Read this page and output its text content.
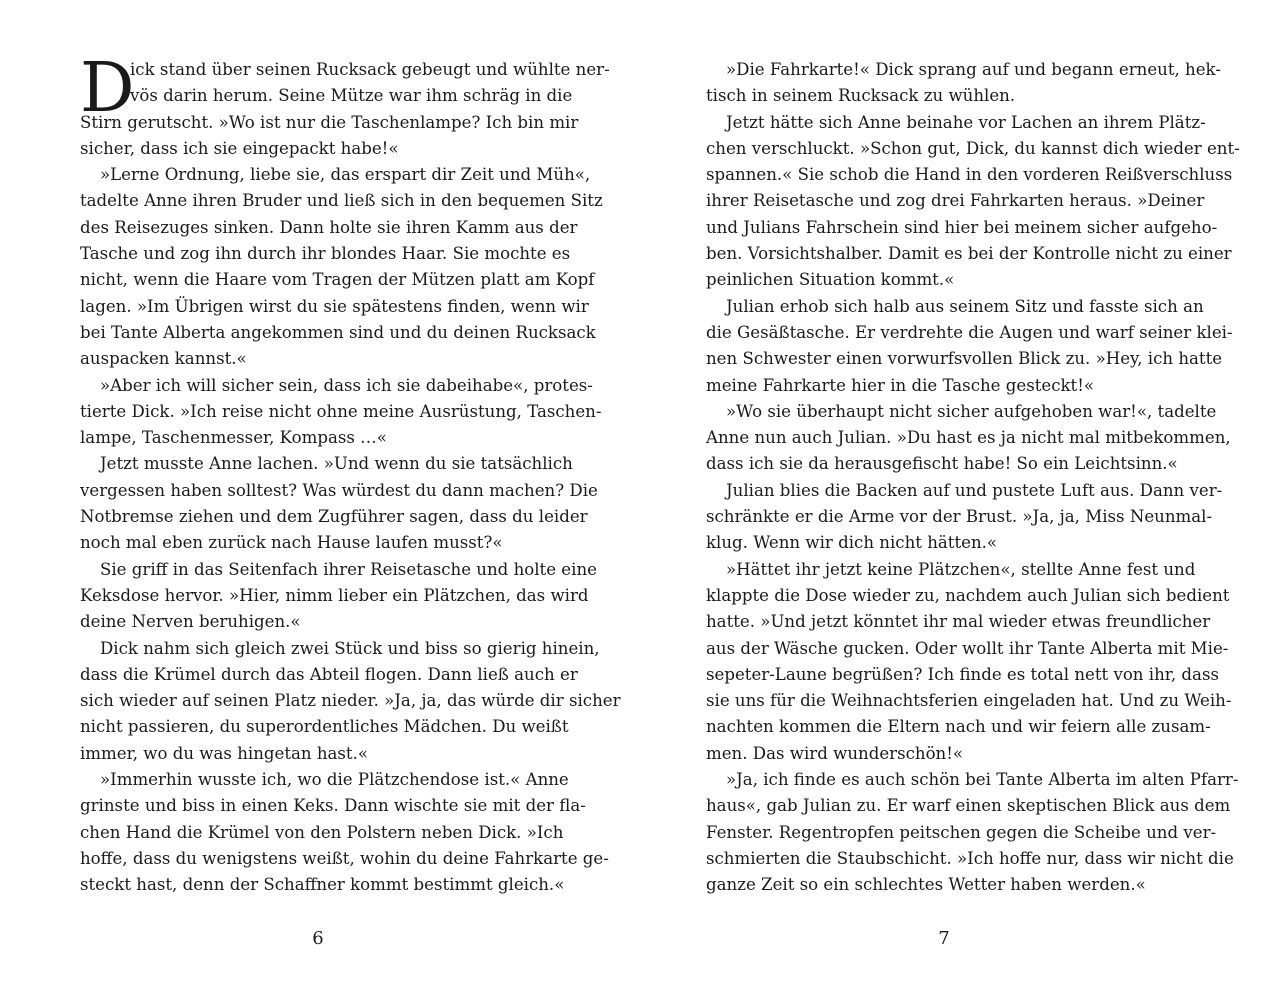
D
ick stand über seinen Rucksack gebeugt und wühlte ner-
vös darin herum. Seine Mütze war ihm schräg in die
Stirn gerutscht. »Wo ist nur die Taschenlampe? Ich bin mir
sicher, dass ich sie eingepackt habe!«
»Lerne Ordnung, liebe sie, das erspart dir Zeit und Müh«,
tadelte Anne ihren Bruder und ließ sich in den bequemen Sitz
des Reisezuges sinken. Dann holte sie ihren Kamm aus der
Tasche und zog ihn durch ihr blondes Haar. Sie mochte es
nicht, wenn die Haare vom Tragen der Mützen platt am Kopf
lagen. »Im Übrigen wirst du sie spätestens finden, wenn wir
bei Tante Alberta angekommen sind und du deinen Rucksack
auspacken kannst.«
»Aber ich will sicher sein, dass ich sie dabeihabe«, protes-
tierte Dick. »Ich reise nicht ohne meine Ausrüstung, Taschen-
lampe, Taschenmesser, Kompass …«
Jetzt musste Anne lachen. »Und wenn du sie tatsächlich
vergessen haben solltest? Was würdest du dann machen? Die
Notbremse ziehen und dem Zugführer sagen, dass du leider
noch mal eben zurück nach Hause laufen musst?«
Sie griff in das Seitenfach ihrer Reisetasche und holte eine
Keksdose hervor. »Hier, nimm lieber ein Plätzchen, das wird
deine Nerven beruhigen.«
Dick nahm sich gleich zwei Stück und biss so gierig hinein,
dass die Krümel durch das Abteil flogen. Dann ließ auch er
sich wieder auf seinen Platz nieder. »Ja, ja, das würde dir sicher
nicht passieren, du superordentliches Mädchen. Du weißt
immer, wo du was hingetan hast.«
»Immerhin wusste ich, wo die Plätzchendose ist.« Anne
grinste und biss in einen Keks. Dann wischte sie mit der fla-
chen Hand die Krümel von den Polstern neben Dick. »Ich
hoffe, dass du wenigstens weißt, wohin du deine Fahrkarte ge-
steckt hast, denn der Schaffner kommt bestimmt gleich.«
6
»Die Fahrkarte!« Dick sprang auf und begann erneut, hek-
tisch in seinem Rucksack zu wühlen.
Jetzt hätte sich Anne beinahe vor Lachen an ihrem Plätz-
chen verschluckt. »Schon gut, Dick, du kannst dich wieder ent-
spannen.« Sie schob die Hand in den vorderen Reißverschluss
ihrer Reisetasche und zog drei Fahrkarten heraus. »Deiner
und Julians Fahrschein sind hier bei meinem sicher aufgeho-
ben. Vorsichtshalber. Damit es bei der Kontrolle nicht zu einer
peinlichen Situation kommt.«
Julian erhob sich halb aus seinem Sitz und fasste sich an
die Gesäßtasche. Er verdrehte die Augen und warf seiner klei-
nen Schwester einen vorwurfsvollen Blick zu. »Hey, ich hatte
meine Fahrkarte hier in die Tasche gesteckt!«
»Wo sie überhaupt nicht sicher aufgehoben war!«, tadelte
Anne nun auch Julian. »Du hast es ja nicht mal mitbekommen,
dass ich sie da herausgefischt habe! So ein Leichtsinn.«
Julian blies die Backen auf und pustete Luft aus. Dann ver-
schränkte er die Arme vor der Brust. »Ja, ja, Miss Neunmal-
klug. Wenn wir dich nicht hätten.«
»Hättet ihr jetzt keine Plätzchen«, stellte Anne fest und
klappte die Dose wieder zu, nachdem auch Julian sich bedient
hatte. »Und jetzt könntet ihr mal wieder etwas freundlicher
aus der Wäsche gucken. Oder wollt ihr Tante Alberta mit Mie-
sepeter-Laune begrüßen? Ich finde es total nett von ihr, dass
sie uns für die Weihnachtsferien eingeladen hat. Und zu Weih-
nachten kommen die Eltern nach und wir feiern alle zusam-
men. Das wird wunderschön!«
»Ja, ich finde es auch schön bei Tante Alberta im alten Pfarr-
haus«, gab Julian zu. Er warf einen skeptischen Blick aus dem
Fenster. Regentropfen peitschen gegen die Scheibe und ver-
schmierten die Staubschicht. »Ich hoffe nur, dass wir nicht die
ganze Zeit so ein schlechtes Wetter haben werden.«
7
